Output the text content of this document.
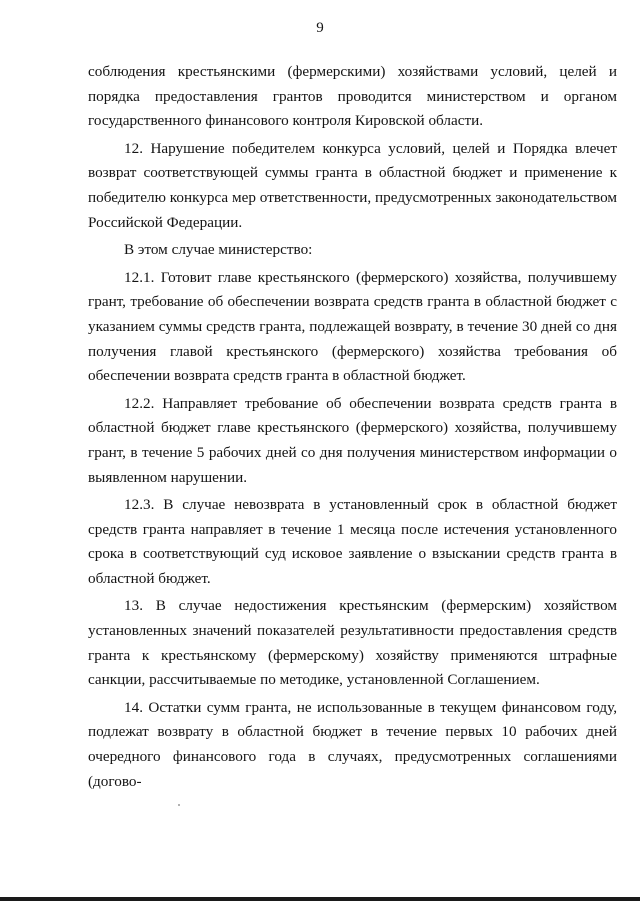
9

соблюдения крестьянскими (фермерскими) хозяйствами условий, целей и порядка предоставления грантов проводится министерством и органом государственного финансового контроля Кировской области.

12. Нарушение победителем конкурса условий, целей и Порядка влечет возврат соответствующей суммы гранта в областной бюджет и применение к победителю конкурса мер ответственности, предусмотренных законодательством Российской Федерации.

В этом случае министерство:

12.1. Готовит главе крестьянского (фермерского) хозяйства, получившему грант, требование об обеспечении возврата средств гранта в областной бюджет с указанием суммы средств гранта, подлежащей возврату, в течение 30 дней со дня получения главой крестьянского (фермерского) хозяйства требования об обеспечении возврата средств гранта в областной бюджет.

12.2. Направляет требование об обеспечении возврата средств гранта в областной бюджет главе крестьянского (фермерского) хозяйства, получившему грант, в течение 5 рабочих дней со дня получения министерством информации о выявленном нарушении.

12.3. В случае невозврата в установленный срок в областной бюджет средств гранта направляет в течение 1 месяца после истечения установленного срока в соответствующий суд исковое заявление о взыскании средств гранта в областной бюджет.

13. В случае недостижения крестьянским (фермерским) хозяйством установленных значений показателей результативности предоставления средств гранта к крестьянскому (фермерскому) хозяйству применяются штрафные санкции, рассчитываемые по методике, установленной Соглашением.

14. Остатки сумм гранта, не использованные в текущем финансовом году, подлежат возврату в областной бюджет в течение первых 10 рабочих дней очередного финансового года в случаях, предусмотренных соглашениями (догово-
